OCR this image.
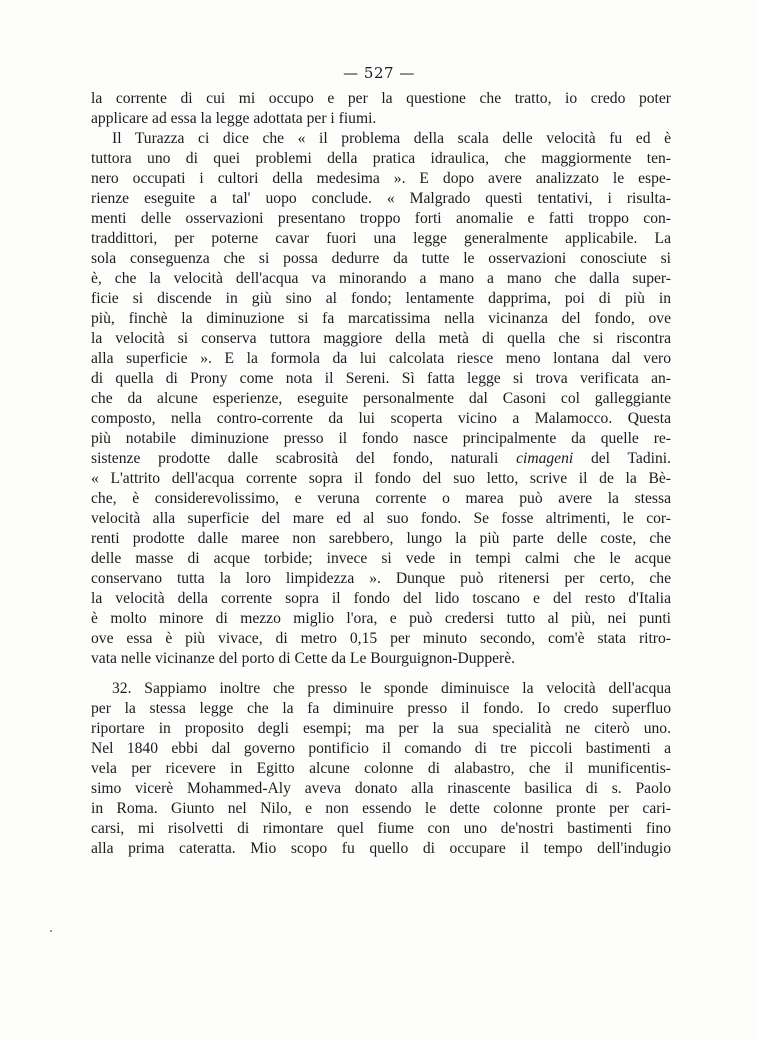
— 527 —
la corrente di cui mi occupo e per la questione che tratto, io credo poter
applicare ad essa la legge adottata per i fiumi.
Il Turazza ci dice che « il problema della scala delle velocità fu ed è
tuttora uno di quei problemi della pratica idraulica, che maggiormente ten-
nero occupati i cultori della medesima ». E dopo avere analizzato le espe-
rienze eseguite a tal' uopo conclude. « Malgrado questi tentativi, i risulta-
menti delle osservazioni presentano troppo forti anomalie e fatti troppo con-
traddittori, per poterne cavar fuori una legge generalmente applicabile. La
sola conseguenza che si possa dedurre da tutte le osservazioni conosciute si
è, che la velocità dell'acqua va minorando a mano a mano che dalla super-
ficie si discende in giù sino al fondo; lentamente dapprima, poi di più in
più, finchè la diminuzione si fa marcatissima nella vicinanza del fondo, ove
la velocità si conserva tuttora maggiore della metà di quella che si riscontra
alla superficie ». E la formola da lui calcolata riesce meno lontana dal vero
di quella di Prony come nota il Sereni. Sì fatta legge si trova verificata an-
che da alcune esperienze, eseguite personalmente dal Casoni col galleggiante
composto, nella contro-corrente da lui scoperta vicino a Malamocco. Questa
più notabile diminuzione presso il fondo nasce principalmente da quelle re-
sistenze prodotte dalle scabrosità del fondo, naturali cimageni del Tadini.
« L'attrito dell'acqua corrente sopra il fondo del suo letto, scrive il de la Bè-
che, è considerevolissimo, e veruna corrente o marea può avere la stessa
velocità alla superficie del mare ed al suo fondo. Se fosse altrimenti, le cor-
renti prodotte dalle maree non sarebbero, lungo la più parte delle coste, che
delle masse di acque torbide; invece si vede in tempi calmi che le acque
conservano tutta la loro limpidezza ». Dunque può ritenersi per certo, che
la velocità della corrente sopra il fondo del lido toscano e del resto d'Italia
è molto minore di mezzo miglio l'ora, e può credersi tutto al più, nei punti
ove essa è più vivace, di metro 0,15 per minuto secondo, com'è stata ritro-
vata nelle vicinanze del porto di Cette da Le Bourguignon-Dupperè.
32. Sappiamo inoltre che presso le sponde diminuisce la velocità dell'acqua
per la stessa legge che la fa diminuire presso il fondo. Io credo superfluo
riportare in proposito degli esempi; ma per la sua specialità ne citerò uno.
Nel 1840 ebbi dal governo pontificio il comando di tre piccoli bastimenti a
vela per ricevere in Egitto alcune colonne di alabastro, che il munificentis-
simo vicerè Mohammed-Aly aveva donato alla rinascente basilica di s. Paolo
in Roma. Giunto nel Nilo, e non essendo le dette colonne pronte per cari-
carsi, mi risolvetti di rimontare quel fiume con uno de'nostri bastimenti fino
alla prima cateratta. Mio scopo fu quello di occupare il tempo dell'indugio
